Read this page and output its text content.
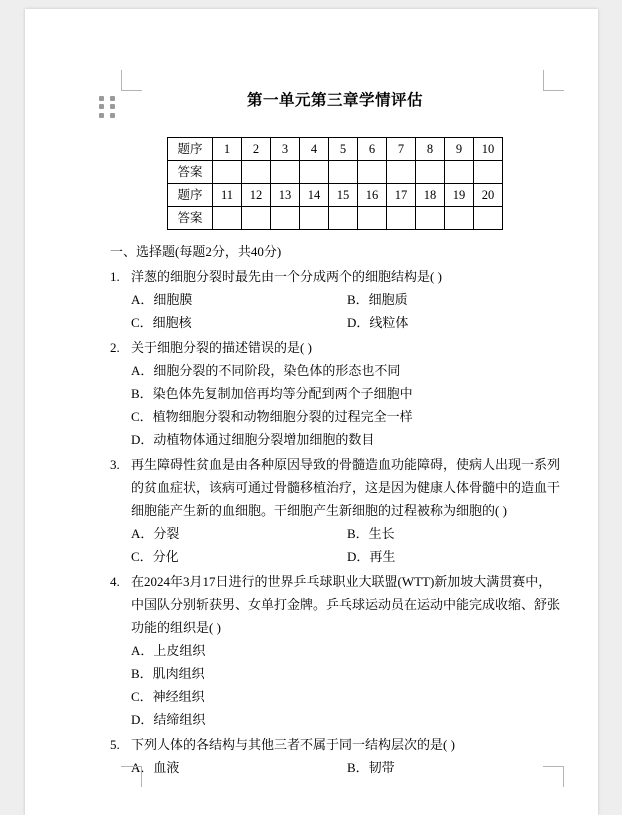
第一单元第三章学情评估
题序	1	2	3	4	5	6	7	8	9	10
答案										
题序	11	12	13	14	15	16	17	18	19	20
答案										
一、选择题(每题2分，共40分)
1. 洋葱的细胞分裂时最先由一个分成两个的细胞结构是( )
A．细胞膜	B．细胞质
C．细胞核	D．线粒体
2. 关于细胞分裂的描述错误的是( )
A．细胞分裂的不同阶段，染色体的形态也不同
B．染色体先复制加倍再均等分配到两个子细胞中
C．植物细胞分裂和动物细胞分裂的过程完全一样
D．动植物体通过细胞分裂增加细胞的数目
3. 再生障碍性贫血是由各种原因导致的骨髓造血功能障碍，使病人出现一系列的贫血症状，该病可通过骨髓移植治疗，这是因为健康人体骨髓中的造血干细胞能产生新的血细胞。干细胞产生新细胞的过程被称为细胞的( )
A．分裂	B．生长
C．分化	D．再生
4. 在2024年3月17日进行的世界乒乓球职业大联盟(WTT)新加坡大满贯赛中，中国队分别斩获男、女单打金牌。乒乓球运动员在运动中能完成收缩、舒张功能的组织是( )
A．上皮组织
B．肌肉组织
C．神经组织
D．结缔组织
5. 下列人体的各结构与其他三者不属于同一结构层次的是( )
A．血液	B．韧带
